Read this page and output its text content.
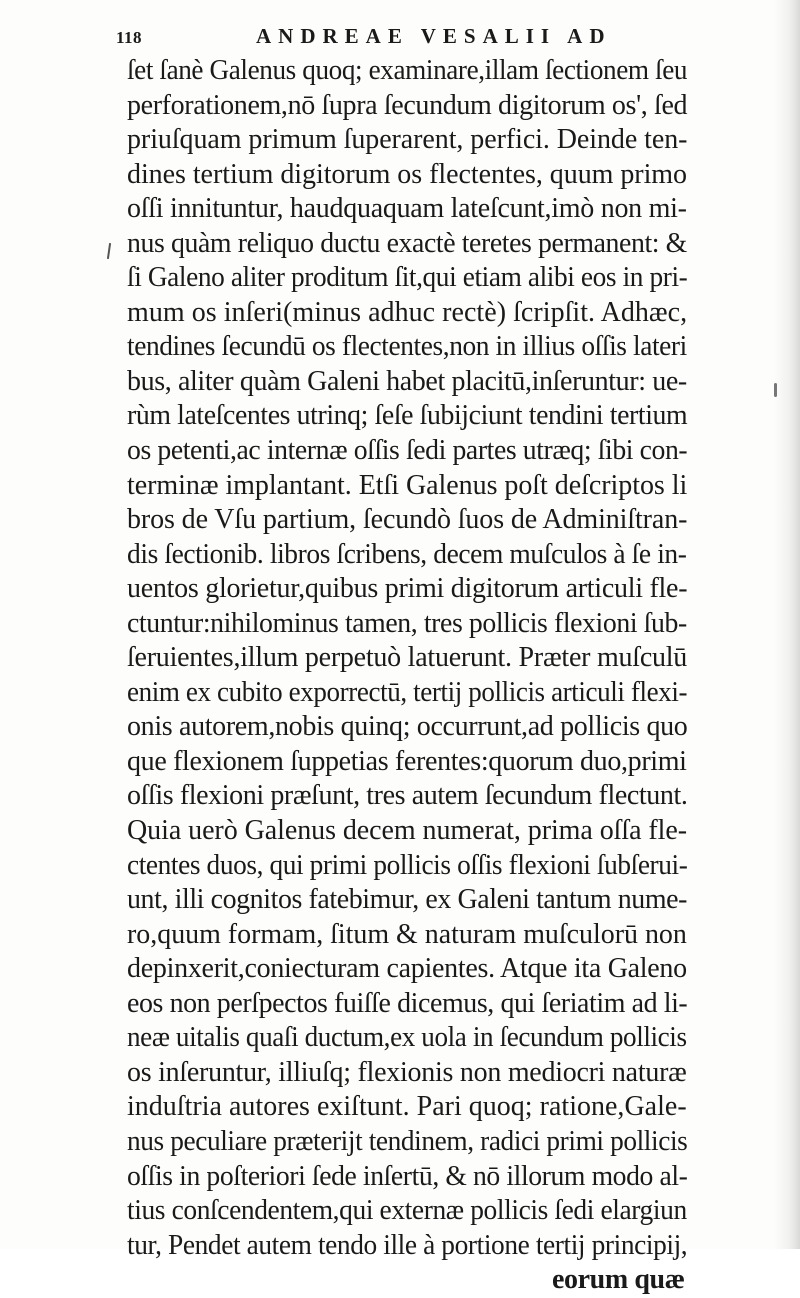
118	ANDREAE VESALII AD
ſet ſanè Galenus quoq; examinare,illam ſectionem ſeu
perforationem,nō ſupra ſecundum digitorum os', ſed
priuſquam primum ſuperarent, perfici. Deinde ten-
dines tertium digitorum os flectentes, quum primo
oſſi innituntur, haudquaquam lateſcunt,imò non mi-
nus quàm reliquo ductu exactè teretes permanent: &
ſi Galeno aliter proditum ſit,qui etiam alibi eos in pri-
mum os inſeri(minus adhuc rectè) ſcripſit. Adhæc,
tendines ſecundū os flectentes,non in illius oſſis lateri
bus, aliter quàm Galeni habet placitū,inſeruntur: ue-
rùm lateſcentes utrinq; ſeſe ſubijciunt tendini tertium
os petenti,ac internæ oſſis ſedi partes utræq; ſibi con-
terminæ implantant. Etſi Galenus poſt deſcriptos li
bros de Vſu partium, ſecundò ſuos de Adminiſtran-
dis ſectionib. libros ſcribens, decem muſculos à ſe in-
uentos glorietur,quibus primi digitorum articuli fle-
ctuntur:nihilominus tamen, tres pollicis flexioni ſub-
ſeruientes,illum perpetuò latuerunt. Præter muſculū
enim ex cubito exporrectū, tertij pollicis articuli flexi-
onis autorem,nobis quinq; occurrunt,ad pollicis quo
que flexionem ſuppetias ferentes:quorum duo,primi
oſſis flexioni præſunt, tres autem ſecundum flectunt.
Quia uerò Galenus decem numerat, prima oſſa fle-
ctentes duos, qui primi pollicis oſſis flexioni ſubſerui-
unt, illi cognitos fatebimur, ex Galeni tantum nume-
ro,quum formam, ſitum & naturam muſculorū non
depinxerit,coniecturam capientes. Atque ita Galeno
eos non perſpectos fuiſſe dicemus, qui ſeriatim ad li-
neæ uitalis quaſi ductum,ex uola in ſecundum pollicis
os inſeruntur, illiuſq; flexionis non mediocri naturæ
induſtria autores exiſtunt. Pari quoq; ratione,Gale-
nus peculiare præterijt tendinem, radici primi pollicis
oſſis in poſteriori ſede inſertū, & nō illorum modo al-
tius conſcendentem,qui externæ pollicis ſedi elargiun
tur, Pendet autem tendo ille à portione tertij principij,
eorum quæ
